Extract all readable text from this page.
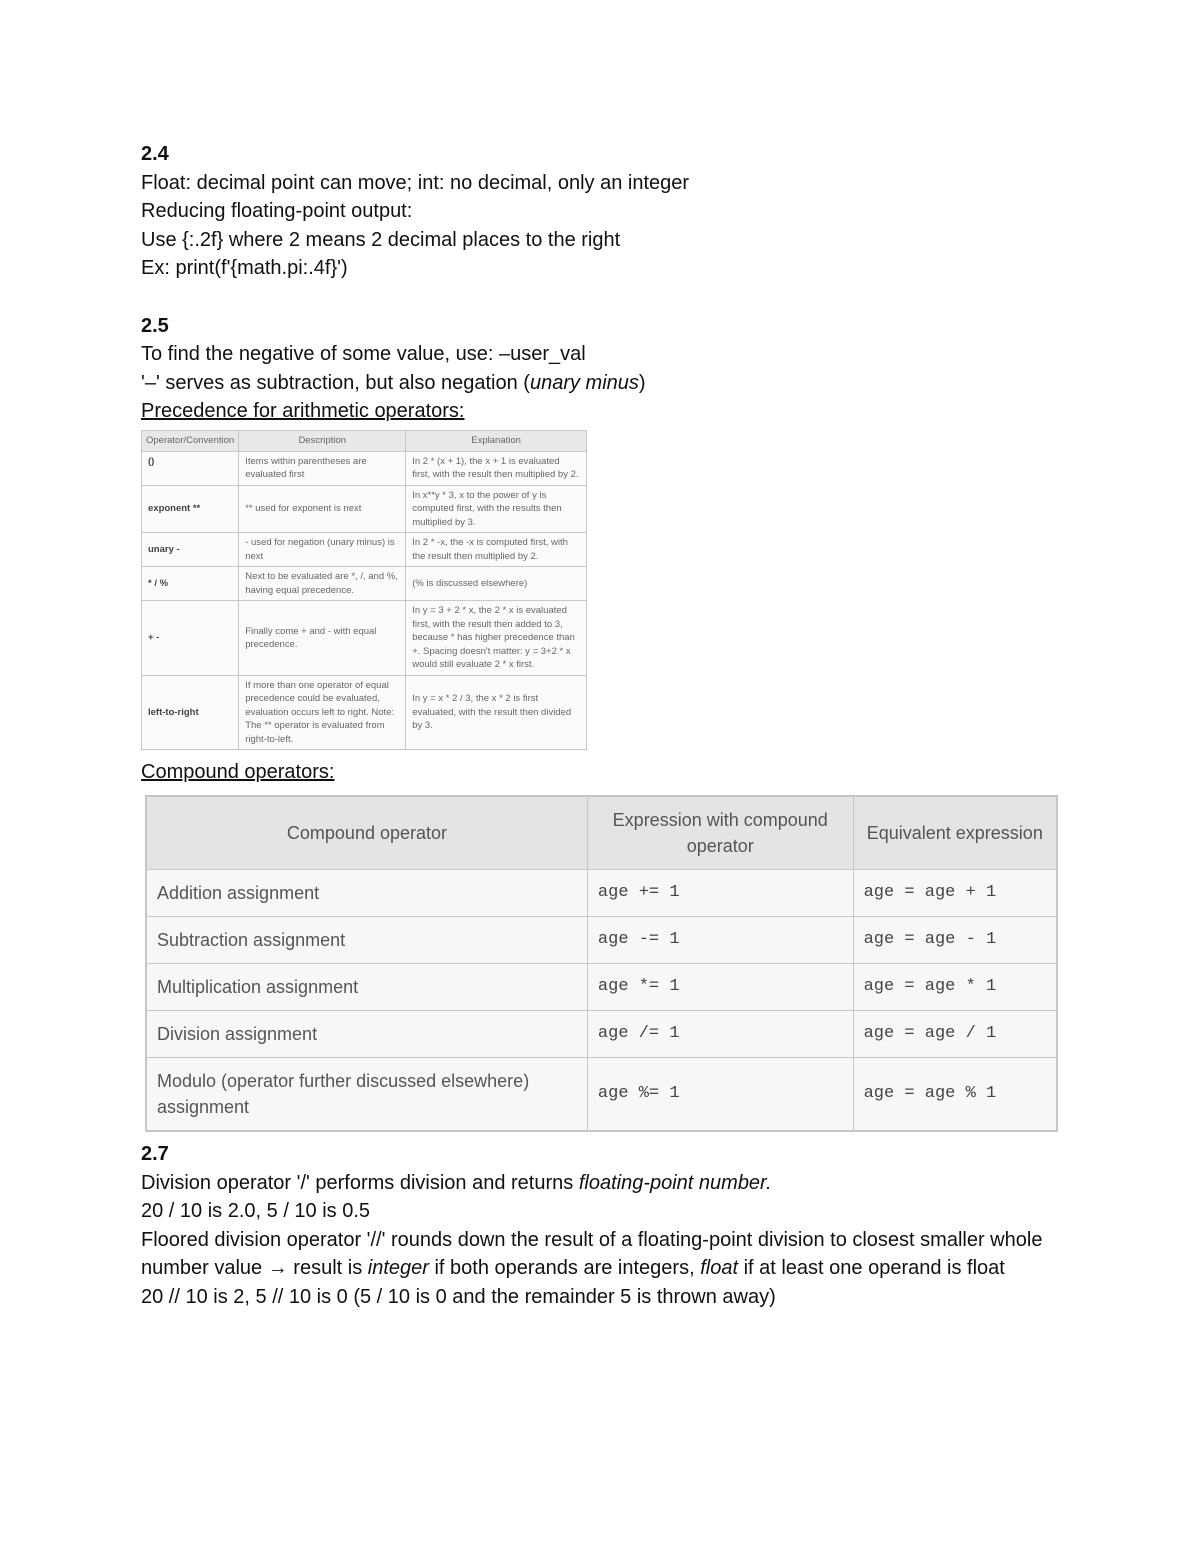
2.4
Float: decimal point can move; int: no decimal, only an integer
Reducing floating-point output:
Use {:.2f} where 2 means 2 decimal places to the right
Ex: print(f'{math.pi:.4f}')
2.5
To find the negative of some value, use: –user_val
'–' serves as subtraction, but also negation (unary minus)
Precedence for arithmetic operators:
Operator/Convention	Description	Explanation
()	Items within parentheses are evaluated first	In 2 * (x + 1), the x + 1 is evaluated first, with the result then multiplied by 2.
exponent **	** used for exponent is next	In x**y * 3, x to the power of y is computed first, with the results then multiplied by 3.
unary -	- used for negation (unary minus) is next	In 2 * -x, the -x is computed first, with the result then multiplied by 2.
* / %	Next to be evaluated are *, /, and %, having equal precedence.	(% is discussed elsewhere)
+ -	Finally come + and - with equal precedence.	In y = 3 + 2 * x, the 2 * x is evaluated first, with the result then added to 3, because * has higher precedence than +. Spacing doesn't matter: y = 3+2 * x would still evaluate 2 * x first.
left-to-right	If more than one operator of equal precedence could be evaluated, evaluation occurs left to right. Note: The ** operator is evaluated from right-to-left.	In y = x * 2 / 3, the x * 2 is first evaluated, with the result then divided by 3.
Compound operators:
Compound operator	Expression with compound operator	Equivalent expression
Addition assignment	age += 1	age = age + 1
Subtraction assignment	age -= 1	age = age - 1
Multiplication assignment	age *= 1	age = age * 1
Division assignment	age /= 1	age = age / 1
Modulo (operator further discussed elsewhere) assignment	age %= 1	age = age % 1
2.7
Division operator '/' performs division and returns floating-point number.
20 / 10 is 2.0, 5 / 10 is 0.5
Floored division operator '//' rounds down the result of a floating-point division to closest smaller whole number value → result is integer if both operands are integers, float if at least one operand is float
20 // 10 is 2, 5 // 10 is 0 (5 / 10 is 0 and the remainder 5 is thrown away)
